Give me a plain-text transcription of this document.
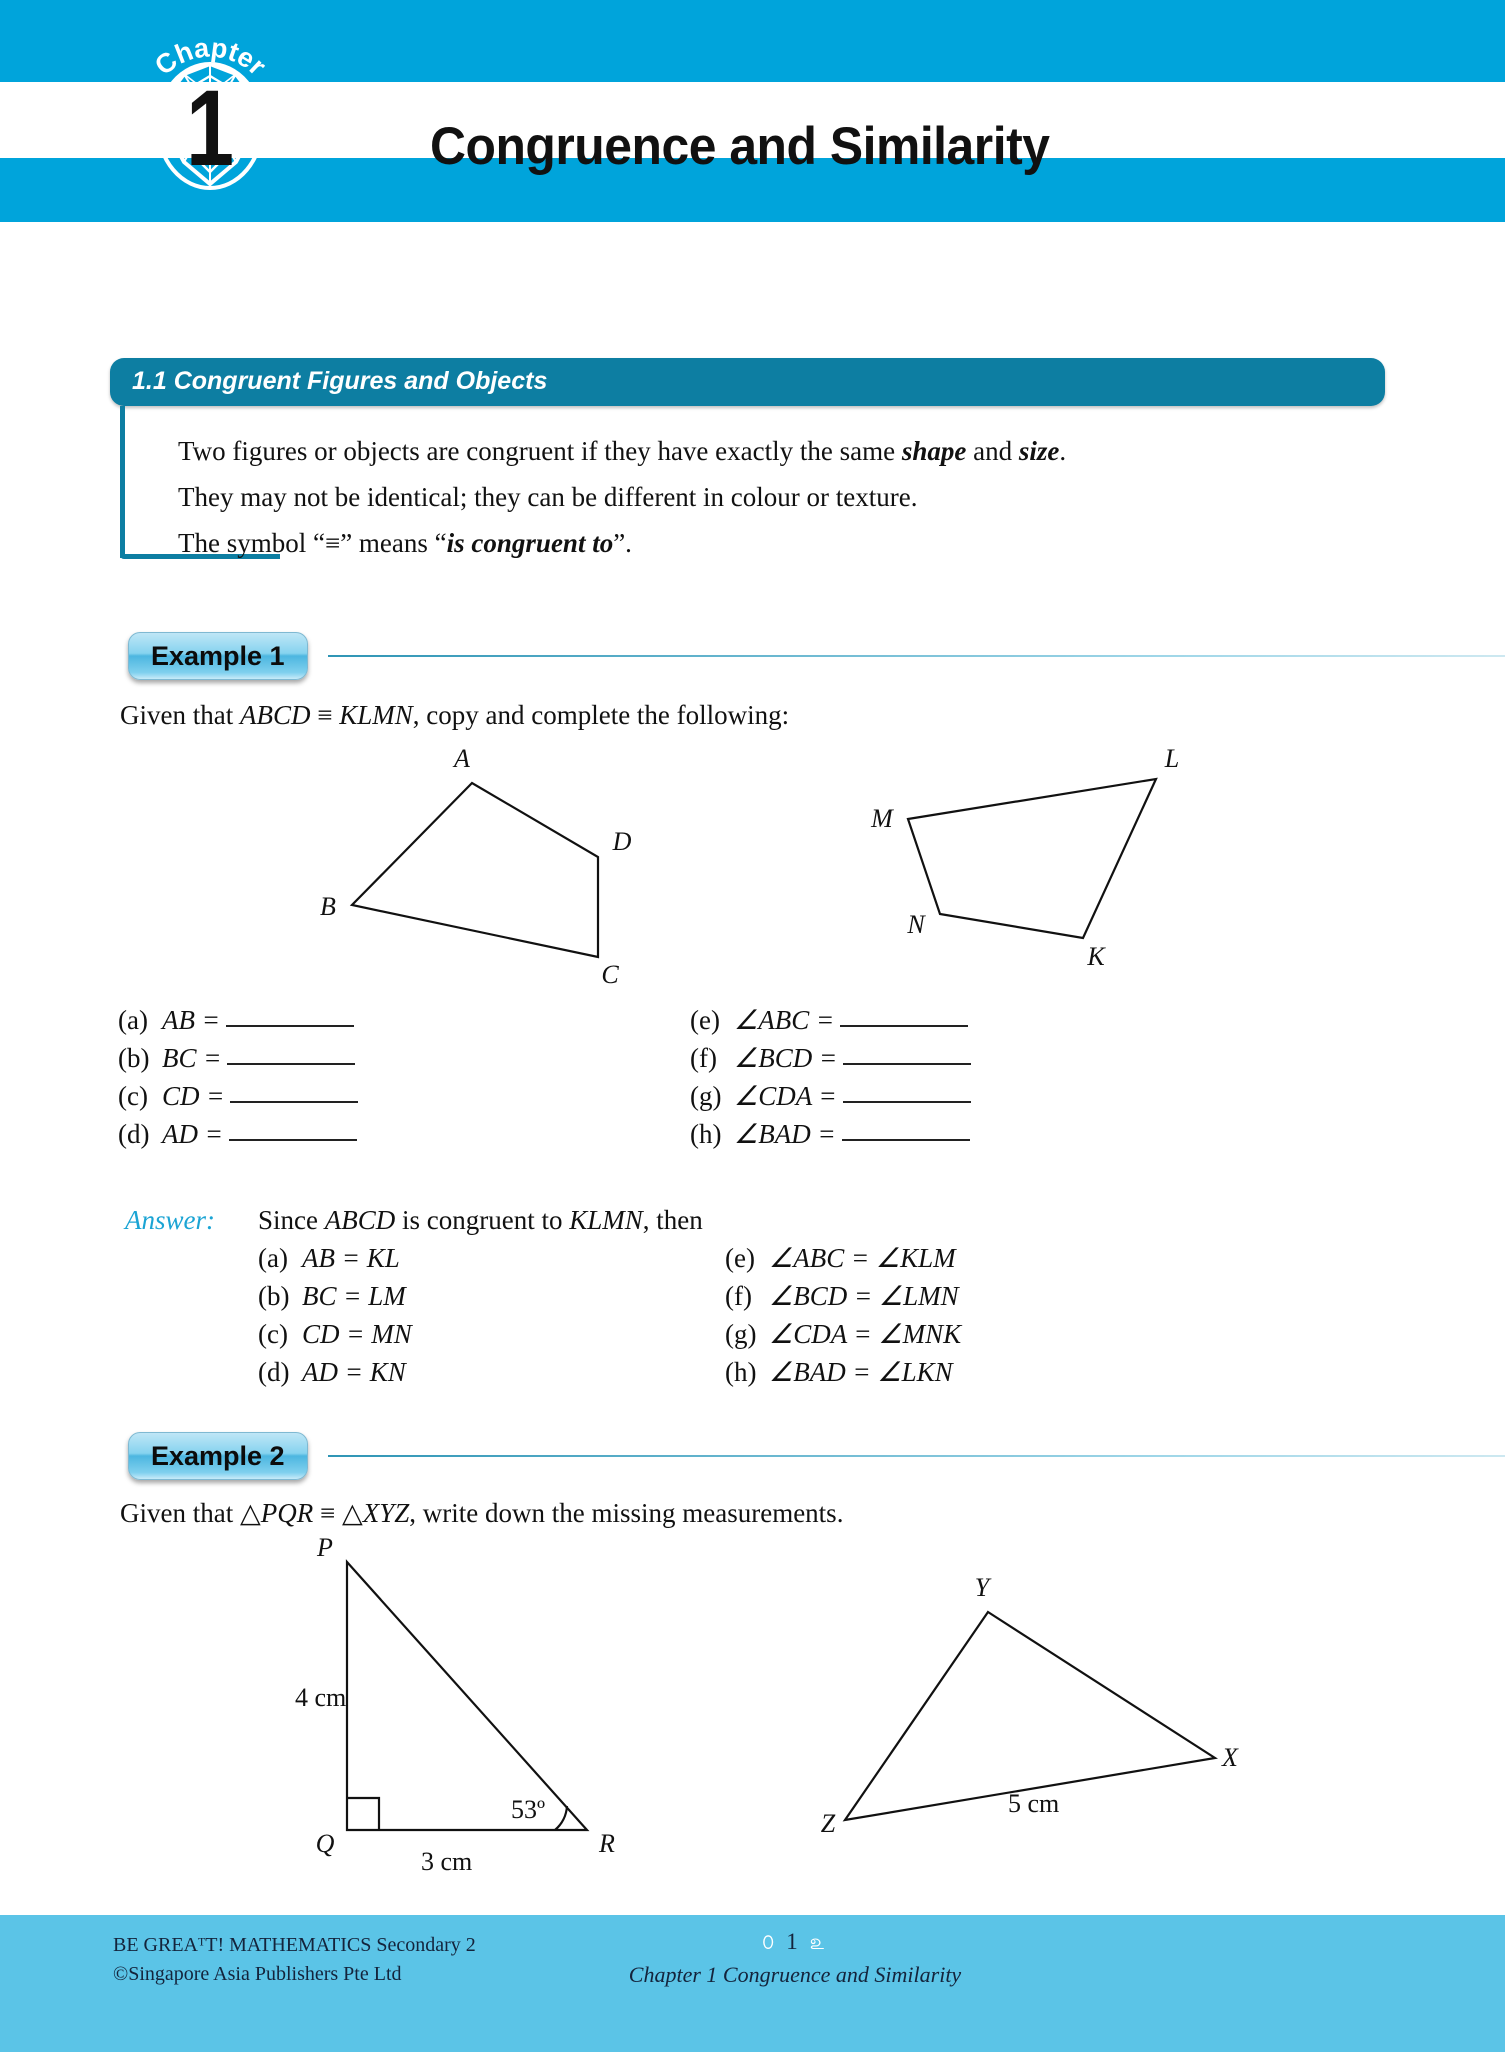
Chapter
1	Congruence and Similarity
1.1 Congruent Figures and Objects
Two figures or objects are congruent if they have exactly the same shape and size.
They may not be identical; they can be different in colour or texture.
The symbol “≡” means “is congruent to”.
Example 1
Given that ABCD ≡ KLMN, copy and complete the following:
A
B
C
D
M
L
K
N
(a) AB =
(b) BC =
(c) CD =
(d) AD =
(e) ∠ABC =
(f) ∠BCD =
(g) ∠CDA =
(h) ∠BAD =
Answer: Since ABCD is congruent to KLMN, then
(a) AB = KL
(b) BC = LM
(c) CD = MN
(d) AD = KN
(e) ∠ABC = ∠KLM
(f) ∠BCD = ∠LMN
(g) ∠CDA = ∠MNK
(h) ∠BAD = ∠LKN
Example 2
Given that △PQR ≡ △XYZ, write down the missing measurements.
P
Q	R
4 cm
3 cm
53º
Y
X
Z
5 cm
BE GREAᵀT! MATHEMATICS Secondary 2
©Singapore Asia Publishers Pte Ltd
௦ 1 ௨
Chapter 1 Congruence and Similarity
